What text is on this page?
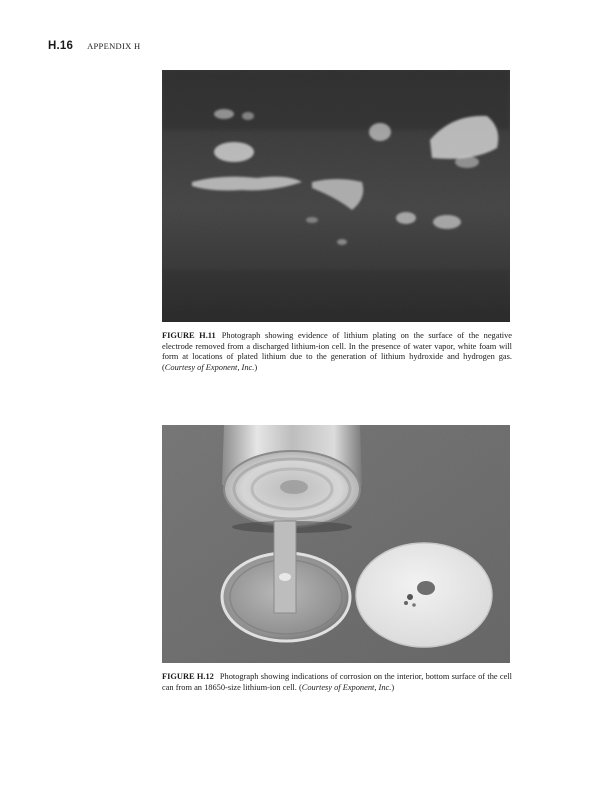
H.16 APPENDIX H
FIGURE H.11 Photograph showing evidence of lithium plating on the surface of the negative electrode removed from a discharged lithium-ion cell. In the presence of water vapor, white foam will form at locations of plated lithium due to the generation of lithium hydroxide and hydrogen gas. (Courtesy of Exponent, Inc.)
FIGURE H.12 Photograph showing indications of corrosion on the interior, bottom surface of the cell can from an 18650-size lithium-ion cell. (Courtesy of Exponent, Inc.)
